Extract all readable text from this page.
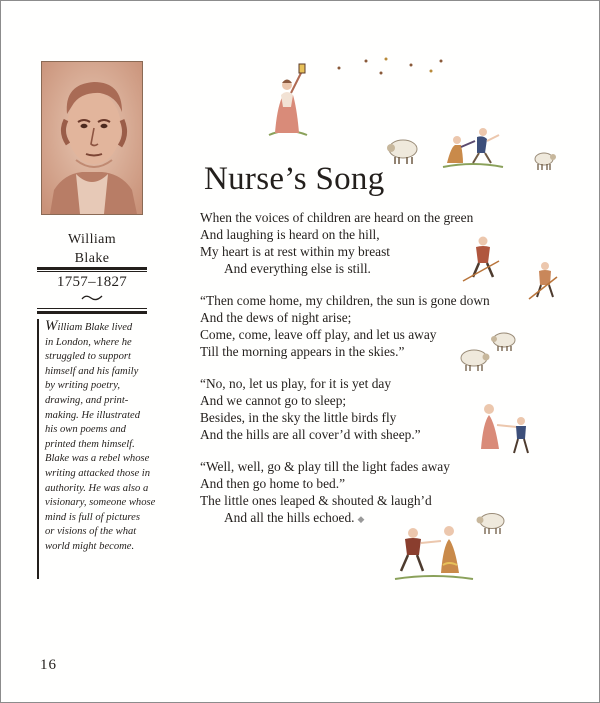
William
Blake
1757–1827
William Blake lived
in London, where he
struggled to support
himself and his family
by writing poetry,
drawing, and print-
making. He illustrated
his own poems and
printed them himself.
Blake was a rebel whose
writing attacked those in
authority. He was also a
visionary, someone whose
mind is full of pictures
or visions of the what
world might become.
Nurse’s Song
When the voices of children are heard on the green
And laughing is heard on the hill,
My heart is at rest within my breast
And everything else is still.
“Then come home, my children, the sun is gone down
And the dews of night arise;
Come, come, leave off play, and let us away
Till the morning appears in the skies.”
“No, no, let us play, for it is yet day
And we cannot go to sleep;
Besides, in the sky the little birds fly
And the hills are all cover’d with sheep.”
“Well, well, go & play till the light fades away
And then go home to bed.”
The little ones leaped & shouted & laugh’d
And all the hills echoed. ◆
16
